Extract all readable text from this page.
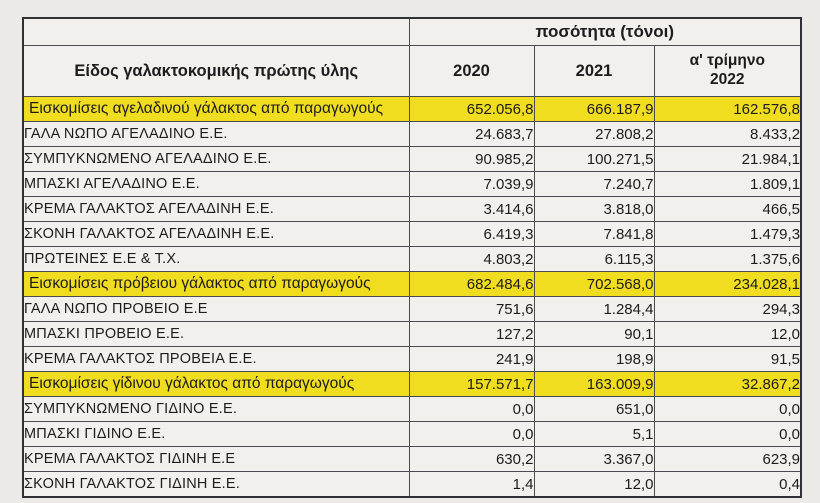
	ποσότητα (τόνοι)		
Είδος γαλακτοκομικής πρώτης ύλης	2020	2021	α' τρίμηνο
2022

Εισκομίσεις αγελαδινού γάλακτος από παραγωγούς	652.056,8	666.187,9	162.576,8
ΓΑΛΑ ΝΩΠΟ ΑΓΕΛΑΔΙΝΟ Ε.Ε.	24.683,7	27.808,2	8.433,2
ΣΥΜΠΥΚΝΩΜΕΝΟ ΑΓΕΛΑΔΙΝΟ Ε.Ε.	90.985,2	100.271,5	21.984,1
ΜΠΑΣΚΙ ΑΓΕΛΑΔΙΝΟ Ε.Ε.	7.039,9	7.240,7	1.809,1
ΚΡΕΜΑ ΓΑΛΑΚΤΟΣ ΑΓΕΛΑΔΙΝΗ Ε.Ε.	3.414,6	3.818,0	466,5
ΣΚΟΝΗ ΓΑΛΑΚΤΟΣ ΑΓΕΛΑΔΙΝΗ Ε.Ε.	6.419,3	7.841,8	1.479,3
ΠΡΩΤΕΙΝΕΣ Ε.Ε & Τ.Χ.	4.803,2	6.115,3	1.375,6
Εισκομίσεις πρόβειου γάλακτος από παραγωγούς	682.484,6	702.568,0	234.028,1
ΓΑΛΑ ΝΩΠΟ ΠΡΟΒΕΙΟ Ε.Ε	751,6	1.284,4	294,3
ΜΠΑΣΚΙ ΠΡΟΒΕΙΟ Ε.Ε.	127,2	90,1	12,0
ΚΡΕΜΑ ΓΑΛΑΚΤΟΣ ΠΡΟΒΕΙΑ Ε.Ε.	241,9	198,9	91,5
Εισκομίσεις γίδινου γάλακτος από παραγωγούς	157.571,7	163.009,9	32.867,2
ΣΥΜΠΥΚΝΩΜΕΝΟ ΓΙΔΙΝΟ Ε.Ε.	0,0	651,0	0,0
ΜΠΑΣΚΙ ΓΙΔΙΝΟ Ε.Ε.	0,0	5,1	0,0
ΚΡΕΜΑ ΓΑΛΑΚΤΟΣ ΓΙΔΙΝΗ Ε.Ε	630,2	3.367,0	623,9
ΣΚΟΝΗ ΓΑΛΑΚΤΟΣ ΓΙΔΙΝΗ Ε.Ε.	1,4	12,0	0,4
